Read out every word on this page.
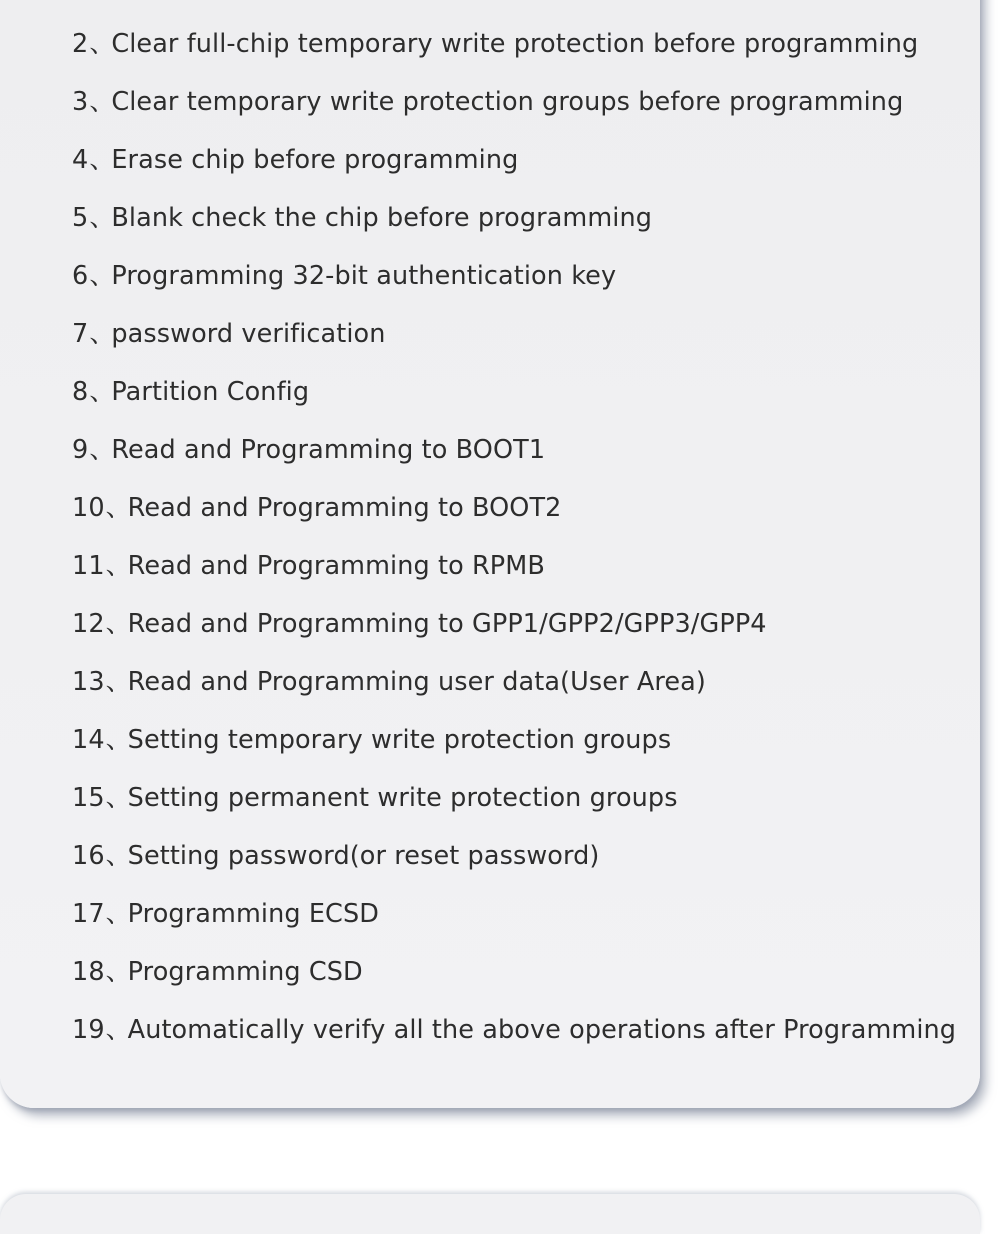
2、Clear full-chip temporary write protection before programming
3、Clear temporary write protection groups before programming
4、Erase chip before programming
5、Blank check the chip before programming
6、Programming 32-bit authentication key
7、password verification
8、Partition Config
9、Read and Programming to BOOT1
10、Read and Programming to BOOT2
11、Read and Programming to RPMB
12、Read and Programming to GPP1/GPP2/GPP3/GPP4
13、Read and Programming user data(User Area)
14、Setting temporary write protection groups
15、Setting permanent write protection groups
16、Setting password(or reset password)
17、Programming ECSD
18、Programming CSD
19、Automatically verify all the above operations after Programming
